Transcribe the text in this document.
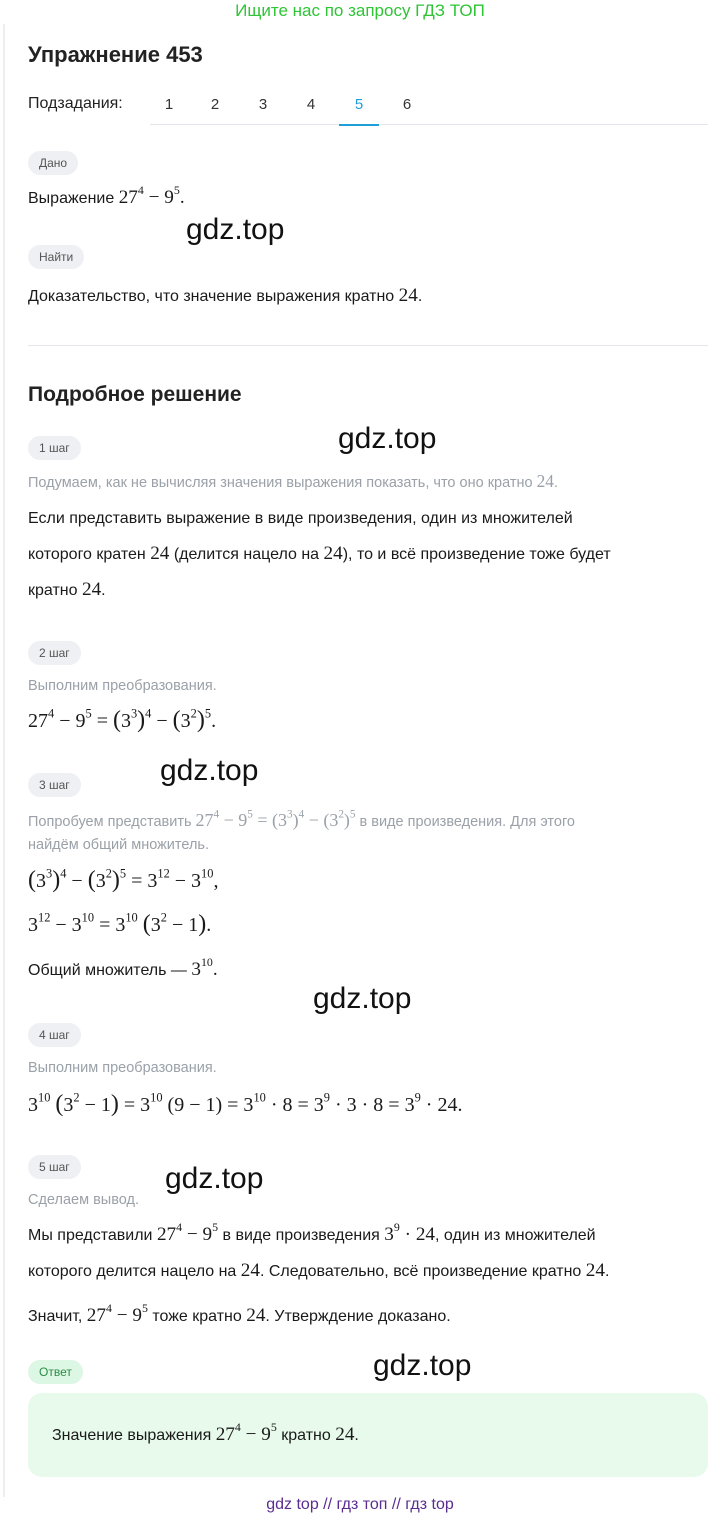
Ищите нас по запросу ГДЗ ТОП
Упражнение 453
Подзадания:	1	2	3	4	5	6
Дано
Выражение $27^4 - 9^5$.
gdz.top
Найти
Доказательство, что значение выражения кратно 24.
Подробное решение
1 шаг	gdz.top
Подумаем, как не вычисляя значения выражения показать, что оно кратно 24.
Если представить выражение в виде произведения, один из множителей
которого кратен 24 (делится нацело на 24), то и всё произведение тоже будет
кратно 24.
2 шаг
Выполним преобразования.
$27^4 - 9^5 = (3^3)^4 - (3^2)^5$.
gdz.top
3 шаг
Попробуем представить $27^4 - 9^5 = (3^3)^4 - (3^2)^5$ в виде произведения. Для этого
найдём общий множитель.
$(3^3)^4 - (3^2)^5 = 3^{12} - 3^{10}$,
$3^{12} - 3^{10} = 3^{10}$ $(3^2 - 1)$.
Общий множитель — $3^{10}$.
gdz.top
4 шаг
Выполним преобразования.
$3^{10}$ $(3^2 - 1) = 3^{10}$ $(9 - 1) = 3^{10} \cdot 8 = 3^9 \cdot 3 \cdot 8 = 3^9 \cdot 24$.
5 шаг	gdz.top
Сделаем вывод.
Мы представили $27^4 - 9^5$ в виде произведения $3^9 \cdot 24$, один из множителей
которого делится нацело на 24. Следовательно, всё произведение кратно 24.
Значит, $27^4 - 9^5$ тоже кратно 24. Утверждение доказано.
Ответ	gdz.top
Значение выражения $27^4 - 9^5$ кратно 24.
gdz top // гдз топ // гдз top
